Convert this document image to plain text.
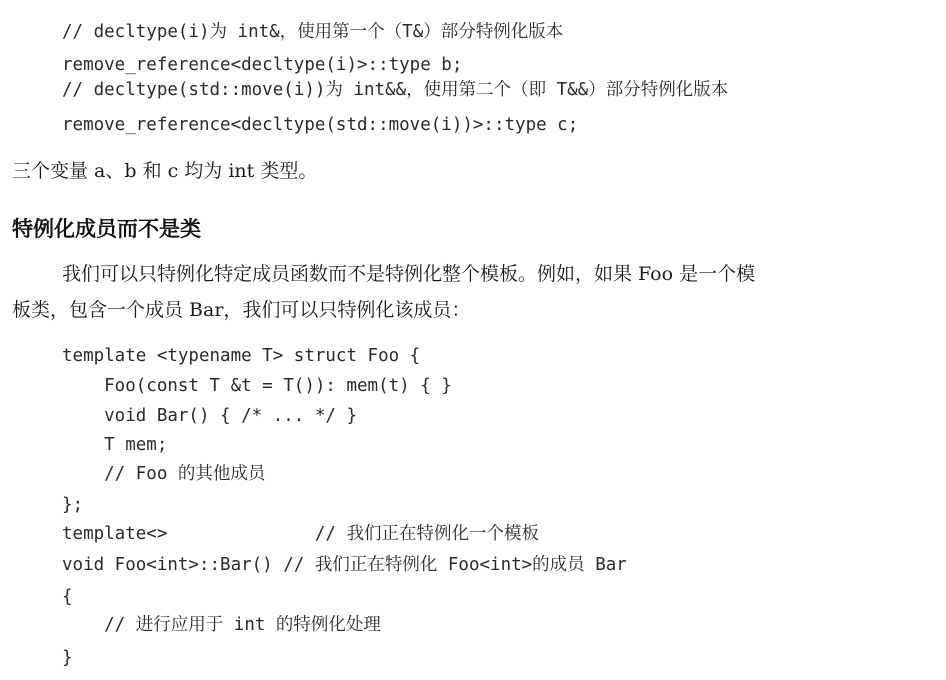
// decltype(i)为 int&，使用第一个（T&）部分特例化版本
remove_reference<decltype(i)>::type b;
// decltype(std::move(i))为 int&&，使用第二个（即 T&&）部分特例化版本
remove_reference<decltype(std::move(i))>::type c;
三个变量 a、b 和 c 均为 int 类型。
特例化成员而不是类
我们可以只特例化特定成员函数而不是特例化整个模板。例如，如果 Foo 是一个模
板类，包含一个成员 Bar，我们可以只特例化该成员：
template <typename T> struct Foo {
Foo(const T &t = T()): mem(t) { }
void Bar() { /* ... */ }
T mem;
// Foo 的其他成员
};
template<>              // 我们正在特例化一个模板
void Foo<int>::Bar() // 我们正在特例化 Foo<int>的成员 Bar
{
// 进行应用于 int 的特例化处理
}
